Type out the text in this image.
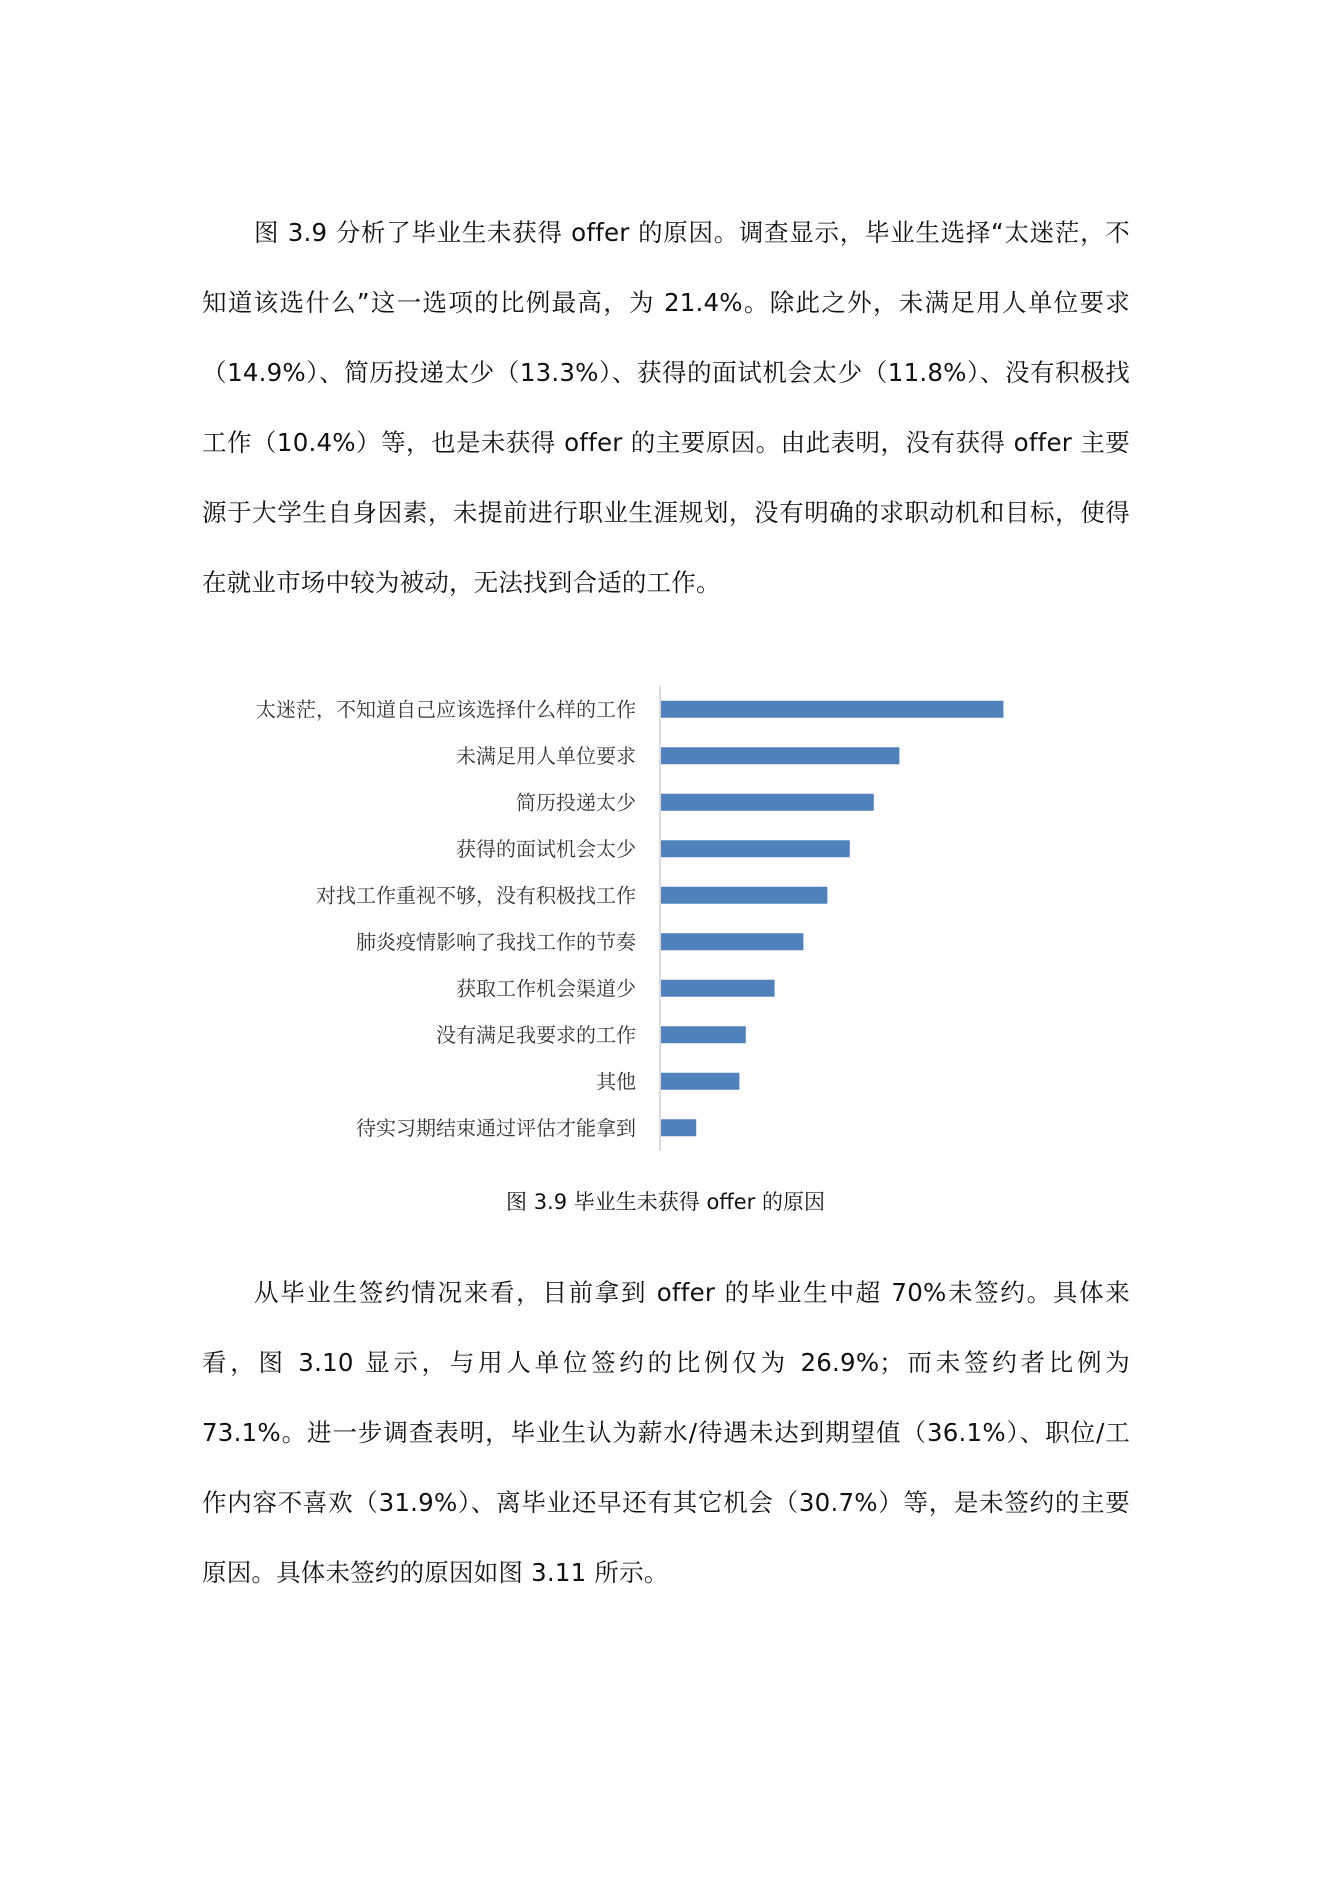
图 3.9 分析了毕业生未获得 offer 的原因。调查显示，毕业生选择“太迷茫，不知道该选什么”这一选项的比例最高，为 21.4%。除此之外，未满足用人单位要求（14.9%）、简历投递太少（13.3%）、获得的面试机会太少（11.8%）、没有积极找工作（10.4%）等，也是未获得 offer 的主要原因。由此表明，没有获得 offer 主要源于大学生自身因素，未提前进行职业生涯规划，没有明确的求职动机和目标，使得在就业市场中较为被动，无法找到合适的工作。

太迷茫，不知道自己应该选择什么样的工作
未满足用人单位要求
简历投递太少
获得的面试机会太少
对找工作重视不够，没有积极找工作
肺炎疫情影响了我找工作的节奏
获取工作机会渠道少
没有满足我要求的工作
其他
待实习期结束通过评估才能拿到
图 3.9 毕业生未获得 offer 的原因

从毕业生签约情况来看，目前拿到 offer 的毕业生中超 70%未签约。具体来看，图 3.10 显示，与用人单位签约的比例仅为 26.9%；而未签约者比例为 73.1%。进一步调查表明，毕业生认为薪水/待遇未达到期望值（36.1%）、职位/工作内容不喜欢（31.9%）、离毕业还早还有其它机会（30.7%）等，是未签约的主要原因。具体未签约的原因如图 3.11 所示。
